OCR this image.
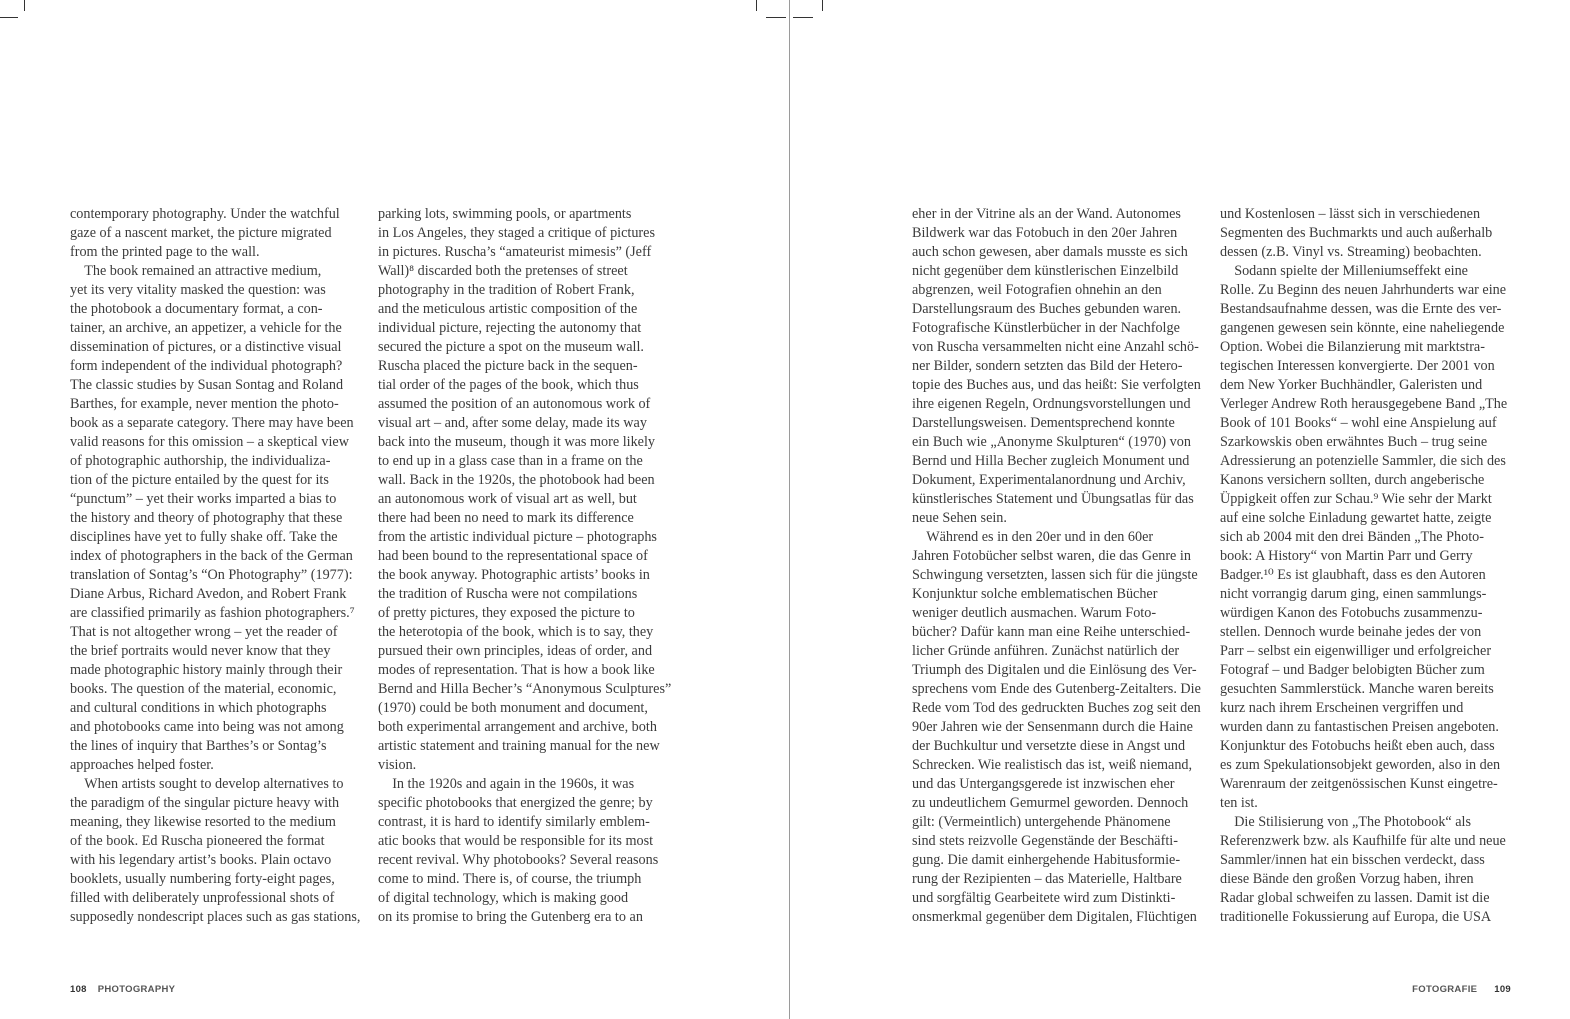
contemporary photography. Under the watchful
gaze of a nascent market, the picture migrated
from the printed page to the wall.
 The book remained an attractive medium,
yet its very vitality masked the question: was
the photobook a documentary format, a con-
tainer, an archive, an appetizer, a vehicle for the
dissemination of pictures, or a distinctive visual
form independent of the individual photograph?
The classic studies by Susan Sontag and Roland
Barthes, for example, never mention the photo-
book as a separate category. There may have been
valid reasons for this omission – a skeptical view
of photographic authorship, the individualiza-
tion of the picture entailed by the quest for its
“punctum” – yet their works imparted a bias to
the history and theory of photography that these
disciplines have yet to fully shake off. Take the
index of photographers in the back of the German
translation of Sontag’s “On Photography” (1977):
Diane Arbus, Richard Avedon, and Robert Frank
are classified primarily as fashion photographers.⁷
That is not altogether wrong – yet the reader of
the brief portraits would never know that they
made photographic history mainly through their
books. The question of the material, economic,
and cultural conditions in which photographs
and photobooks came into being was not among
the lines of inquiry that Barthes’s or Sontag’s
approaches helped foster.
 When artists sought to develop alternatives to
the paradigm of the singular picture heavy with
meaning, they likewise resorted to the medium
of the book. Ed Ruscha pioneered the format
with his legendary artist’s books. Plain octavo
booklets, usually numbering forty-eight pages,
filled with deliberately unprofessional shots of
supposedly nondescript places such as gas stations,
parking lots, swimming pools, or apartments
in Los Angeles, they staged a critique of pictures
in pictures. Ruscha’s “amateurist mimesis” (Jeff
Wall)⁸ discarded both the pretenses of street
photography in the tradition of Robert Frank,
and the meticulous artistic composition of the
individual picture, rejecting the autonomy that
secured the picture a spot on the museum wall.
Ruscha placed the picture back in the sequen-
tial order of the pages of the book, which thus
assumed the position of an autonomous work of
visual art – and, after some delay, made its way
back into the museum, though it was more likely
to end up in a glass case than in a frame on the
wall. Back in the 1920s, the photobook had been
an autonomous work of visual art as well, but
there had been no need to mark its difference
from the artistic individual picture – photographs
had been bound to the representational space of
the book anyway. Photographic artists’ books in
the tradition of Ruscha were not compilations
of pretty pictures, they exposed the picture to
the heterotopia of the book, which is to say, they
pursued their own principles, ideas of order, and
modes of representation. That is how a book like
Bernd and Hilla Becher’s “Anonymous Sculptures”
(1970) could be both monument and document,
both experimental arrangement and archive, both
artistic statement and training manual for the new
vision.
 In the 1920s and again in the 1960s, it was
specific photobooks that energized the genre; by
contrast, it is hard to identify similarly emblem-
atic books that would be responsible for its most
recent revival. Why photobooks? Several reasons
come to mind. There is, of course, the triumph
of digital technology, which is making good
on its promise to bring the Gutenberg era to an
eher in der Vitrine als an der Wand. Autonomes
Bildwerk war das Fotobuch in den 20er Jahren
auch schon gewesen, aber damals musste es sich
nicht gegenüber dem künstlerischen Einzelbild
abgrenzen, weil Fotografien ohnehin an den
Darstellungsraum des Buches gebunden waren.
Fotografische Künstlerbücher in der Nachfolge
von Ruscha versammelten nicht eine Anzahl schö-
ner Bilder, sondern setzten das Bild der Hetero-
topie des Buches aus, und das heißt: Sie verfolgten
ihre eigenen Regeln, Ordnungsvorstellungen und
Darstellungsweisen. Dementsprechend konnte
ein Buch wie „Anonyme Skulpturen“ (1970) von
Bernd und Hilla Becher zugleich Monument und
Dokument, Experimentalanordnung und Archiv,
künstlerisches Statement und Übungsatlas für das
neue Sehen sein.
 Während es in den 20er und in den 60er
Jahren Fotobücher selbst waren, die das Genre in
Schwingung versetzten, lassen sich für die jüngste
Konjunktur solche emblematischen Bücher
weniger deutlich ausmachen. Warum Foto-
bücher? Dafür kann man eine Reihe unterschied-
licher Gründe anführen. Zunächst natürlich der
Triumph des Digitalen und die Einlösung des Ver-
sprechens vom Ende des Gutenberg-Zeitalters. Die
Rede vom Tod des gedruckten Buches zog seit den
90er Jahren wie der Sensenmann durch die Haine
der Buchkultur und versetzte diese in Angst und
Schrecken. Wie realistisch das ist, weiß niemand,
und das Untergangsgerede ist inzwischen eher
zu undeutlichem Gemurmel geworden. Dennoch
gilt: (Vermeintlich) untergehende Phänomene
sind stets reizvolle Gegenstände der Beschäfti-
gung. Die damit einhergehende Habitusformie-
rung der Rezipienten – das Materielle, Haltbare
und sorgfältig Gearbeitete wird zum Distinkti-
onsmerkmal gegenüber dem Digitalen, Flüchtigen
und Kostenlosen – lässt sich in verschiedenen
Segmenten des Buchmarkts und auch außerhalb
dessen (z.B. Vinyl vs. Streaming) beobachten.
 Sodann spielte der Milleniumseffekt eine
Rolle. Zu Beginn des neuen Jahrhunderts war eine
Bestandsaufnahme dessen, was die Ernte des ver-
gangenen gewesen sein könnte, eine naheliegende
Option. Wobei die Bilanzierung mit marktstra-
tegischen Interessen konvergierte. Der 2001 von
dem New Yorker Buchhändler, Galeristen und
Verleger Andrew Roth herausgegebene Band „The
Book of 101 Books“ – wohl eine Anspielung auf
Szarkowskis oben erwähntes Buch – trug seine
Adressierung an potenzielle Sammler, die sich des
Kanons versichern sollten, durch angeberische
Üppigkeit offen zur Schau.⁹ Wie sehr der Markt
auf eine solche Einladung gewartet hatte, zeigte
sich ab 2004 mit den drei Bänden „The Photo-
book: A History“ von Martin Parr und Gerry
Badger.¹⁰ Es ist glaubhaft, dass es den Autoren
nicht vorrangig darum ging, einen sammlungs-
würdigen Kanon des Fotobuchs zusammenzu-
stellen. Dennoch wurde beinahe jedes der von
Parr – selbst ein eigenwilliger und erfolgreicher
Fotograf – und Badger belobigten Bücher zum
gesuchten Sammlerstück. Manche waren bereits
kurz nach ihrem Erscheinen vergriffen und
wurden dann zu fantastischen Preisen angeboten.
Konjunktur des Fotobuchs heißt eben auch, dass
es zum Spekulationsobjekt geworden, also in den
Warenraum der zeitgenössischen Kunst eingetre-
ten ist.
 Die Stilisierung von „The Photobook“ als
Referenzwerk bzw. als Kaufhilfe für alte und neue
Sammler/innen hat ein bisschen verdeckt, dass
diese Bände den großen Vorzug haben, ihren
Radar global schweifen zu lassen. Damit ist die
traditionelle Fokussierung auf Europa, die USA
108 PHOTOGRAPHY	FOTOGRAFIE 109
